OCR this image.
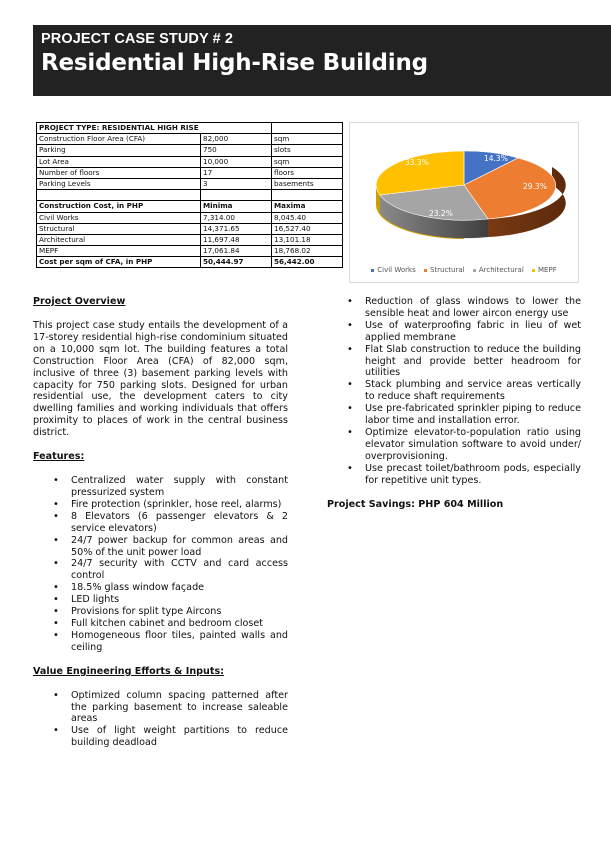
PROJECT CASE STUDY # 2
Residential High-Rise Building
PROJECT TYPE: RESIDENTIAL HIGH RISE		
Construction Floor Area (CFA)	82,000	sqm
Parking	750	slots
Lot Area	10,000	sqm
Number of floors	17	floors
Parking Levels	3	basements

Construction Cost, in PHP	Minima	Maxima
Civil Works	7,314.00	8,045.40
Structural	14,371.65	16,527.40
Architectural	11,697.48	13,101.18
MEPF	17,061.84	18,768.02
Cost per sqm of CFA, in PHP	50,444.97	56,442.00
14.3%
29.3%
23.2%
33.3%
Civil Works Structural Architectural MEPF
Project Overview

This project case study entails the development of a 17-storey residential high-rise condominium situated on a 10,000 sqm lot. The building features a total Construction Floor Area (CFA) of 82,000 sqm, inclusive of three (3) basement parking levels with capacity for 750 parking slots. Designed for urban residential use, the development caters to city dwelling families and working individuals that offers proximity to places of work in the central business district.

Features:
• Centralized water supply with constant pressurized system
• Fire protection (sprinkler, hose reel, alarms)
• 8 Elevators (6 passenger elevators & 2 service elevators)
• 24/7 power backup for common areas and 50% of the unit power load
• 24/7 security with CCTV and card access control
• 18.5% glass window façade
• LED lights
• Provisions for split type Aircons
• Full kitchen cabinet and bedroom closet
• Homogeneous floor tiles, painted walls and ceiling
Value Engineering Efforts & Inputs:
• Optimized column spacing patterned after the parking basement to increase saleable areas
• Use of light weight partitions to reduce building deadload
• Reduction of glass windows to lower the sensible heat and lower aircon energy use
• Use of waterproofing fabric in lieu of wet applied membrane
• Flat Slab construction to reduce the building height and provide better headroom for utilities
• Stack plumbing and service areas vertically to reduce shaft requirements
• Use pre-fabricated sprinkler piping to reduce labor time and installation error.
• Optimize elevator-to-population ratio using elevator simulation software to avoid under/ overprovisioning.
• Use precast toilet/bathroom pods, especially for repetitive unit types.
Project Savings: PHP 604 Million
